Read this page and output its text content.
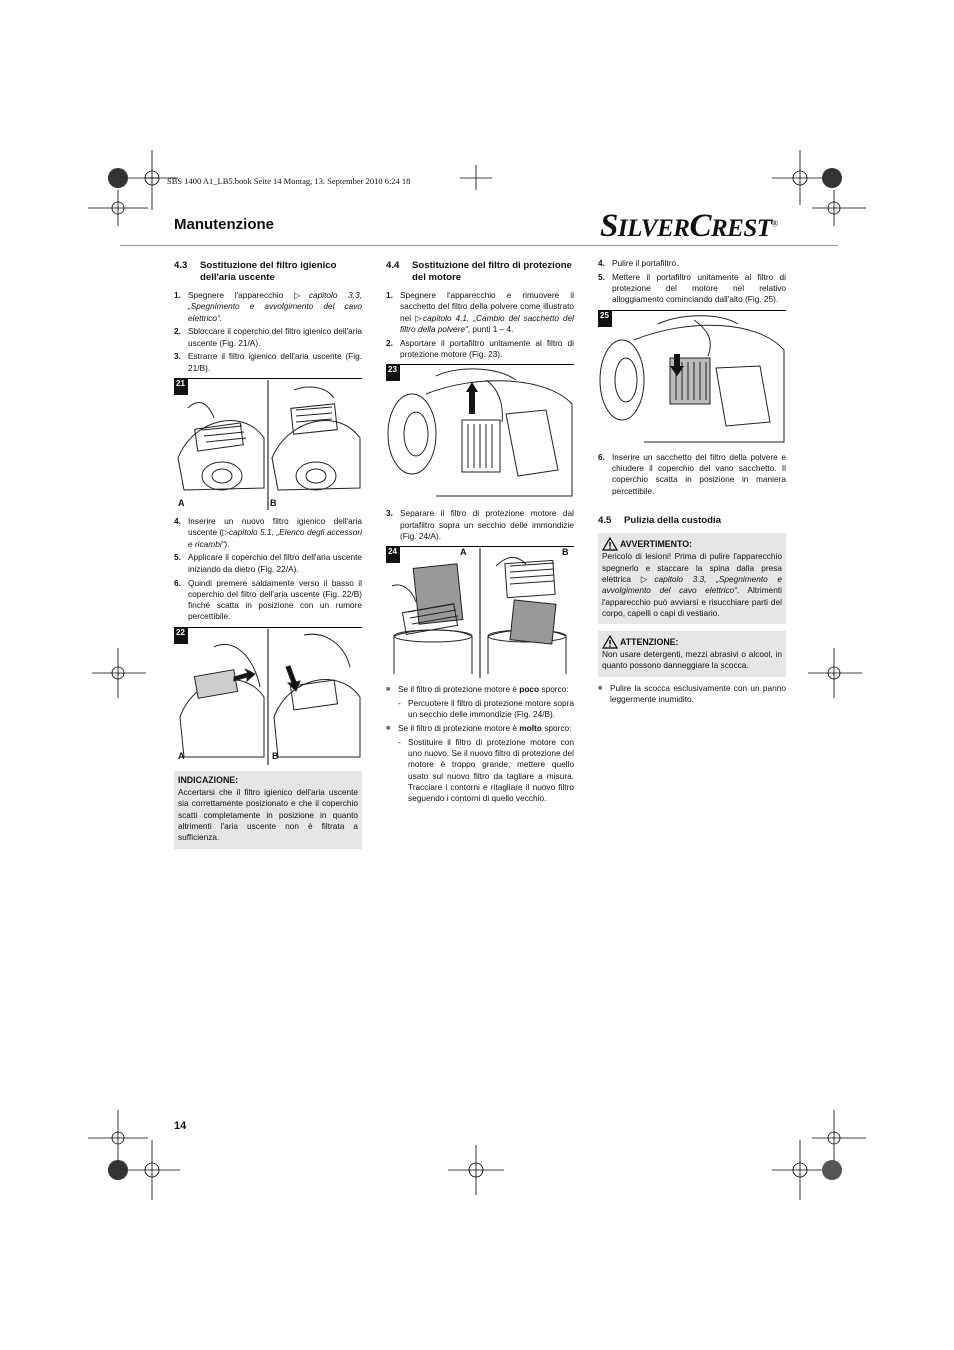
SBS 1400 A1_LB5.book Seite 14 Montag, 13. September 2010 6:24 18
Manutenzione	SILVERCREST®
4.3	Sostituzione del filtro igienico dell'aria uscente
1. Spegnere l'apparecchio ▷capitolo 3.3, „Spegnimento e avvolgimento del cavo elettrico“.
2. Sbloccare il coperchio del filtro igienico dell'aria uscente (Fig. 21/A).
3. Estrarre il filtro igienico dell'aria uscente (Fig. 21/B).
21
A	B
4. Inserire un nuovo filtro igienico dell'aria uscente (▷capitolo 5.1, „Elenco degli accessori e ricambi“).
5. Applicare il coperchio del filtro dell'aria uscente iniziando da dietro (Fig. 22/A).
6. Quindi premere saldamente verso il basso il coperchio del filtro dell'aria uscente (Fig. 22/B) finché scatta in posizione con un rumore percettibile.
22
A	B
INDICAZIONE:
Accertarsi che il filtro igienico dell'aria uscente sia correttamente posizionato e che il coperchio scatti completamente in posizione in quanto altrimenti l'aria uscente non è filtrata a sufficienza.
4.4	Sostituzione del filtro di protezione del motore
1. Spegnere l'apparecchio e rimuovere il sacchetto del filtro della polvere come illustrato nel ▷capitolo 4.1, „Cambio del sacchetto del filtro della polvere“, punti 1 – 4.
2. Asportare il portafiltro unitamente al filtro di protezione motore (Fig. 23).
23
3. Separare il filtro di protezione motore dal portafiltro sopra un secchio delle immondizie (Fig. 24/A).
24	A	B
■ Se il filtro di protezione motore è poco sporco:
- Percuotere il filtro di protezione motore sopra un secchio delle immondizie (Fig. 24/B).
■ Se il filtro di protezione motore è molto sporco:
- Sostituire il filtro di protezione motore con uno nuovo. Se il nuovo filtro di protezione del motore è troppo grande, mettere quello usato sul nuovo filtro da tagliare a misura. Tracciare i contorni e ritagliare il nuovo filtro seguendo i contorni di quello vecchio.
4. Pulire il portafiltro.
5. Mettere il portafiltro unitamente al filtro di protezione del motore nel relativo alloggiamento cominciando dall'alto (Fig. 25).
25
6. Inserire un sacchetto del filtro della polvere e chiudere il coperchio del vano sacchetto. Il coperchio scatta in posizione in maniera percettibile.
4.5	Pulizia della custodia
AVVERTIMENTO:
Pericolo di lesioni! Prima di pulire l'apparecchio spegnerlo e staccare la spina dalla presa elettrica ▷capitolo 3.3, „Spegnimento e avvolgimento del cavo elettrico“. Altrimenti l'apparecchio può avviarsi e risucchiare parti del corpo, capelli o capi di vestiario.
ATTENZIONE:
Non usare detergenti, mezzi abrasivi o alcool, in quanto possono danneggiare la scocca.
■ Pulire la scocca esclusivamente con un panno leggermente inumidito.
14
